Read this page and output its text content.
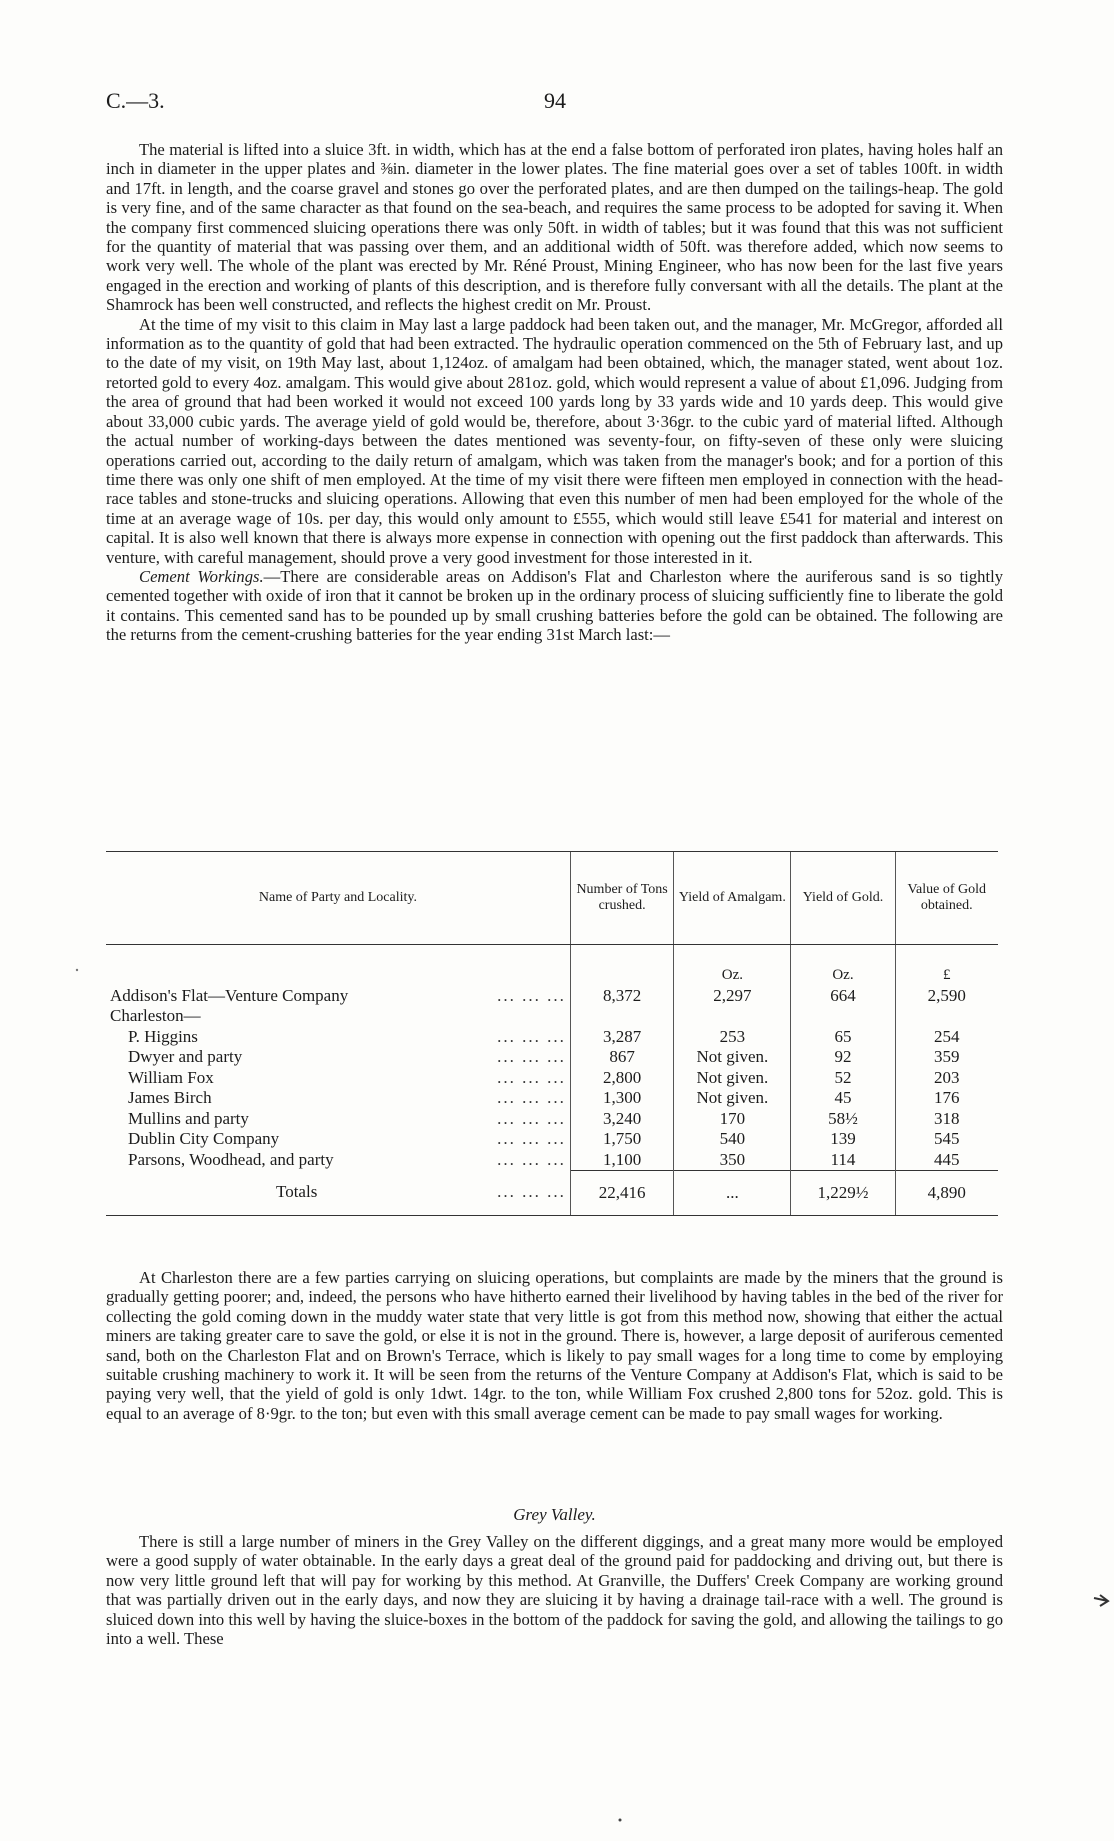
C.—3.	94

The material is lifted into a sluice 3ft. in width, which has at the end a false bottom of perforated iron plates, having holes half an inch in diameter in the upper plates and ⅜in. diameter in the lower plates. The fine material goes over a set of tables 100ft. in width and 17ft. in length, and the coarse gravel and stones go over the perforated plates, and are then dumped on the tailings-heap. The gold is very fine, and of the same character as that found on the sea-beach, and requires the same process to be adopted for saving it. When the company first commenced sluicing operations there was only 50ft. in width of tables; but it was found that this was not sufficient for the quantity of material that was passing over them, and an additional width of 50ft. was therefore added, which now seems to work very well. The whole of the plant was erected by Mr. Réné Proust, Mining Engineer, who has now been for the last five years engaged in the erection and working of plants of this description, and is therefore fully conversant with all the details. The plant at the Shamrock has been well constructed, and reflects the highest credit on Mr. Proust.

At the time of my visit to this claim in May last a large paddock had been taken out, and the manager, Mr. McGregor, afforded all information as to the quantity of gold that had been extracted. The hydraulic operation commenced on the 5th of February last, and up to the date of my visit, on 19th May last, about 1,124oz. of amalgam had been obtained, which, the manager stated, went about 1oz. retorted gold to every 4oz. amalgam. This would give about 281oz. gold, which would represent a value of about £1,096. Judging from the area of ground that had been worked it would not exceed 100 yards long by 33 yards wide and 10 yards deep. This would give about 33,000 cubic yards. The average yield of gold would be, therefore, about 3·36gr. to the cubic yard of material lifted. Although the actual number of working-days between the dates mentioned was seventy-four, on fifty-seven of these only were sluicing operations carried out, according to the daily return of amalgam, which was taken from the manager's book; and for a portion of this time there was only one shift of men employed. At the time of my visit there were fifteen men employed in connection with the head-race tables and stone-trucks and sluicing operations. Allowing that even this number of men had been employed for the whole of the time at an average wage of 10s. per day, this would only amount to £555, which would still leave £541 for material and interest on capital. It is also well known that there is always more expense in connection with opening out the first paddock than afterwards. This venture, with careful management, should prove a very good investment for those interested in it.

Cement Workings.—There are considerable areas on Addison's Flat and Charleston where the auriferous sand is so tightly cemented together with oxide of iron that it cannot be broken up in the ordinary process of sluicing sufficiently fine to liberate the gold it contains. This cemented sand has to be pounded up by small crushing batteries before the gold can be obtained. The following are the returns from the cement-crushing batteries for the year ending 31st March last:—

Name of Party and Locality.	Number of Tons crushed.	Yield of Amalgam.	Yield of Gold.	Value of Gold obtained.
		Oz.	Oz.	£

Addison's Flat—Venture Company ... ... ...	8,372	2,297	664	2,590

Charleston—				

P. Higgins ... ... ...	3,287	253	65	254

Dwyer and party ... ... ...	867	Not given.	92	359

William Fox ... ... ...	2,800	Not given.	52	203

James Birch ... ... ...	1,300	Not given.	45	176

Mullins and party ... ... ...	3,240	170	58½	318

Dublin City Company ... ... ...	1,750	540	139	545

Parsons, Woodhead, and party ... ... ...	1,100	350	114	445

Totals ... ... ...	22,416	...	1,229½	4,890

At Charleston there are a few parties carrying on sluicing operations, but complaints are made by the miners that the ground is gradually getting poorer; and, indeed, the persons who have hitherto earned their livelihood by having tables in the bed of the river for collecting the gold coming down in the muddy water state that very little is got from this method now, showing that either the actual miners are taking greater care to save the gold, or else it is not in the ground. There is, however, a large deposit of auriferous cemented sand, both on the Charleston Flat and on Brown's Terrace, which is likely to pay small wages for a long time to come by employing suitable crushing machinery to work it. It will be seen from the returns of the Venture Company at Addison's Flat, which is said to be paying very well, that the yield of gold is only 1dwt. 14gr. to the ton, while William Fox crushed 2,800 tons for 52oz. gold. This is equal to an average of 8·9gr. to the ton; but even with this small average cement can be made to pay small wages for working.

Grey Valley.

There is still a large number of miners in the Grey Valley on the different diggings, and a great many more would be employed were a good supply of water obtainable. In the early days a great deal of the ground paid for paddocking and driving out, but there is now very little ground left that will pay for working by this method. At Granville, the Duffers' Creek Company are working ground that was partially driven out in the early days, and now they are sluicing it by having a drainage tail-race with a well. The ground is sluiced down into this well by having the sluice-boxes in the bottom of the paddock for saving the gold, and allowing the tailings to go into a well. These
